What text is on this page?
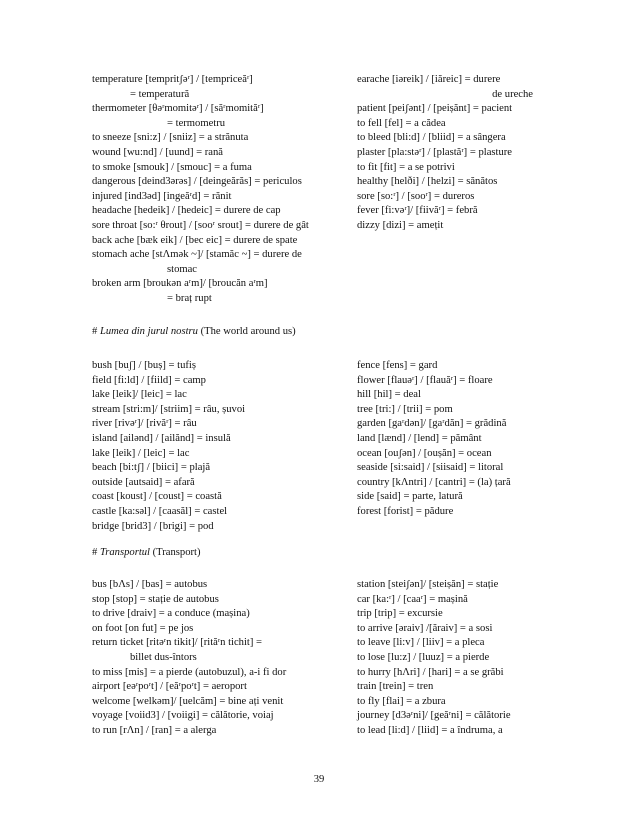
temperature [tempritʃəʳ] / [tempriceăʳ]
= temperatură
thermometer [θəʳmomitəʳ] / [săʳmomităʳ]
= termometru
to sneeze [sni:z] / [sniiz] = a strănuta
wound [wu:nd] / [uund] = rană
to smoke [smouk] / [smouc] = a fuma
dangerous [deind3ərəs] / [deingeărăs] = periculos
injured [ind3əd] [ingeăʳd] = rănit
headache [hedeik] / [hedeic] = durere de cap
sore throat [so:ʳ θrout] / [sooʳ srout] = durere de gât
back ache [bæk eik] / [bec eic] = durere de spate
stomach ache [stΛmək ~]/ [stamăc ~] = durere de
stomac
broken arm [broukən aʳm]/ [broucăn aʳm]
= braț rupt
earache [iəreik] / [iăreic] = durere
de ureche
patient [peiʃənt] / [peișănt] = pacient
to fell [fel] = a cădea
to bleed [bli:d] / [bliid] = a sângera
plaster [pla:stəʳ] / [plastăʳ] = plasture
to fit [fit] = a se potrivi
healthy [helði] / [helzi] = sănătos
sore [so:ʳ] / [sooʳ] = dureros
fever [fi:vəʳ]/ [fiivăʳ] = febră
dizzy [dizi] = amețit
# Lumea din jurul nostru (The world around us)
bush [buʃ] / [buș] = tufiș
field [fi:ld] / [fiild] = camp
lake [leik]/ [leic] = lac
stream [stri:m]/ [striim] = râu, șuvoi
river [rivəʳ]/ [rivăʳ] = râu
island [ailənd] / [ailănd] = insulă
lake [leik] / [leic] = lac
beach [bi:tʃ] / [biici] = plajă
outside [autsaid] = afară
coast [koust] / [coust] = coastă
castle [ka:səl] / [caasăl] = castel
bridge [brid3] / [brigi] = pod
fence [fens] = gard
flower [flauəʳ] / [flauăʳ] = floare
hill [hil] = deal
tree [tri:] / [trii] = pom
garden [gaʳdən]/ [gaʳdăn] = grădină
land [lænd] / [lend] = pământ
ocean [ouʃən] / [oușăn] = ocean
seaside [si:said] / [siisaid] = litoral
country [kΛntri] / [cantri] = (la) țară
side [said] = parte, latură
forest [forist] = pădure
# Transportul (Transport)
bus [bΛs] / [bas] = autobus
stop [stop] = stație de autobus
to drive [draiv] = a conduce (mașina)
on foot [on fut] = pe jos
return ticket [ritəʳn tikit]/ [rităʳn tichit] =
billet dus-întors
to miss [mis] = a pierde (autobuzul), a-i fi dor
airport [eəʳpoʳt] / [eăʳpoʳt] = aeroport
welcome [welkəm]/ [uelcăm] = bine ați venit
voyage [voiid3] / [voiigi] = călătorie, voiaj
to run [rΛn] / [ran] = a alerga
station [steiʃən]/ [steișăn] = stație
car [ka:ʳ] / [caaʳ] = mașină
trip [trip] = excursie
to arrive [əraiv] /[ăraiv] = a sosi
to leave [li:v] / [liiv] = a pleca
to lose [lu:z] / [luuz] = a pierde
to hurry [hΛri] / [hari] = a se grăbi
train [trein] = tren
to fly [flai] = a zbura
journey [d3əʳni]/ [geăʳni] = călătorie
to lead [li:d] / [liid] = a îndruma, a
39
